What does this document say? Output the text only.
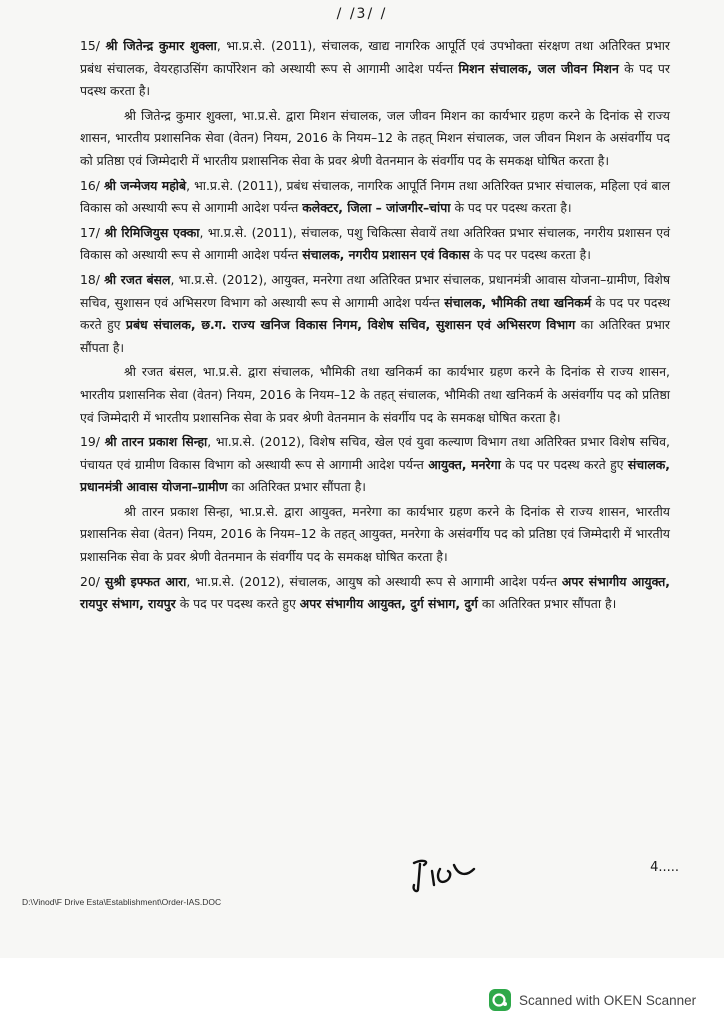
/ /3/ /

15/ श्री जितेन्द्र कुमार शुक्ला, भा.प्र.से. (2011), संचालक, खाद्य नागरिक आपूर्ति एवं उपभोक्ता संरक्षण तथा अतिरिक्त प्रभार प्रबंध संचालक, वेयरहाउसिंग कार्पोरेशन को अस्थायी रूप से आगामी आदेश पर्यन्त मिशन संचालक, जल जीवन मिशन के पद पर पदस्थ करता है।

श्री जितेन्द्र कुमार शुक्ला, भा.प्र.से. द्वारा मिशन संचालक, जल जीवन मिशन का कार्यभार ग्रहण करने के दिनांक से राज्य शासन, भारतीय प्रशासनिक सेवा (वेतन) नियम, 2016 के नियम–12 के तहत् मिशन संचालक, जल जीवन मिशन के असंवर्गीय पद को प्रतिष्ठा एवं जिम्मेदारी में भारतीय प्रशासनिक सेवा के प्रवर श्रेणी वेतनमान के संवर्गीय पद के समकक्ष घोषित करता है।

16/ श्री जन्मेजय महोबे, भा.प्र.से. (2011), प्रबंध संचालक, नागरिक आपूर्ति निगम तथा अतिरिक्त प्रभार संचालक, महिला एवं बाल विकास को अस्थायी रूप से आगामी आदेश पर्यन्त कलेक्टर, जिला – जांजगीर–चांपा के पद पर पदस्थ करता है।

17/ श्री रिमिजियुस एक्का, भा.प्र.से. (2011), संचालक, पशु चिकित्सा सेवायें तथा अतिरिक्त प्रभार संचालक, नगरीय प्रशासन एवं विकास को अस्थायी रूप से आगामी आदेश पर्यन्त संचालक, नगरीय प्रशासन एवं विकास के पद पर पदस्थ करता है।

18/ श्री रजत बंसल, भा.प्र.से. (2012), आयुक्त, मनरेगा तथा अतिरिक्त प्रभार संचालक, प्रधानमंत्री आवास योजना–ग्रामीण, विशेष सचिव, सुशासन एवं अभिसरण विभाग को अस्थायी रूप से आगामी आदेश पर्यन्त संचालक, भौमिकी तथा खनिकर्म के पद पर पदस्थ करते हुए प्रबंध संचालक, छ.ग. राज्य खनिज विकास निगम, विशेष सचिव, सुशासन एवं अभिसरण विभाग का अतिरिक्त प्रभार सौंपता है।

श्री रजत बंसल, भा.प्र.से. द्वारा संचालक, भौमिकी तथा खनिकर्म का कार्यभार ग्रहण करने के दिनांक से राज्य शासन, भारतीय प्रशासनिक सेवा (वेतन) नियम, 2016 के नियम–12 के तहत् संचालक, भौमिकी तथा खनिकर्म के असंवर्गीय पद को प्रतिष्ठा एवं जिम्मेदारी में भारतीय प्रशासनिक सेवा के प्रवर श्रेणी वेतनमान के संवर्गीय पद के समकक्ष घोषित करता है।

19/ श्री तारन प्रकाश सिन्हा, भा.प्र.से. (2012), विशेष सचिव, खेल एवं युवा कल्याण विभाग तथा अतिरिक्त प्रभार विशेष सचिव, पंचायत एवं ग्रामीण विकास विभाग को अस्थायी रूप से आगामी आदेश पर्यन्त आयुक्त, मनरेगा के पद पर पदस्थ करते हुए संचालक, प्रधानमंत्री आवास योजना–ग्रामीण का अतिरिक्त प्रभार सौंपता है।

श्री तारन प्रकाश सिन्हा, भा.प्र.से. द्वारा आयुक्त, मनरेगा का कार्यभार ग्रहण करने के दिनांक से राज्य शासन, भारतीय प्रशासनिक सेवा (वेतन) नियम, 2016 के नियम–12 के तहत् आयुक्त, मनरेगा के असंवर्गीय पद को प्रतिष्ठा एवं जिम्मेदारी में भारतीय प्रशासनिक सेवा के प्रवर श्रेणी वेतनमान के संवर्गीय पद के समकक्ष घोषित करता है।

20/ सुश्री इफ्फत आरा, भा.प्र.से. (2012), संचालक, आयुष को अस्थायी रूप से आगामी आदेश पर्यन्त अपर संभागीय आयुक्त, रायपुर संभाग, रायपुर के पद पर पदस्थ करते हुए अपर संभागीय आयुक्त, दुर्ग संभाग, दुर्ग का अतिरिक्त प्रभार सौंपता है।

4.....
D:\Vinod\F Drive Esta\Establishment\Order-IAS.DOC
Scanned with OKEN Scanner
